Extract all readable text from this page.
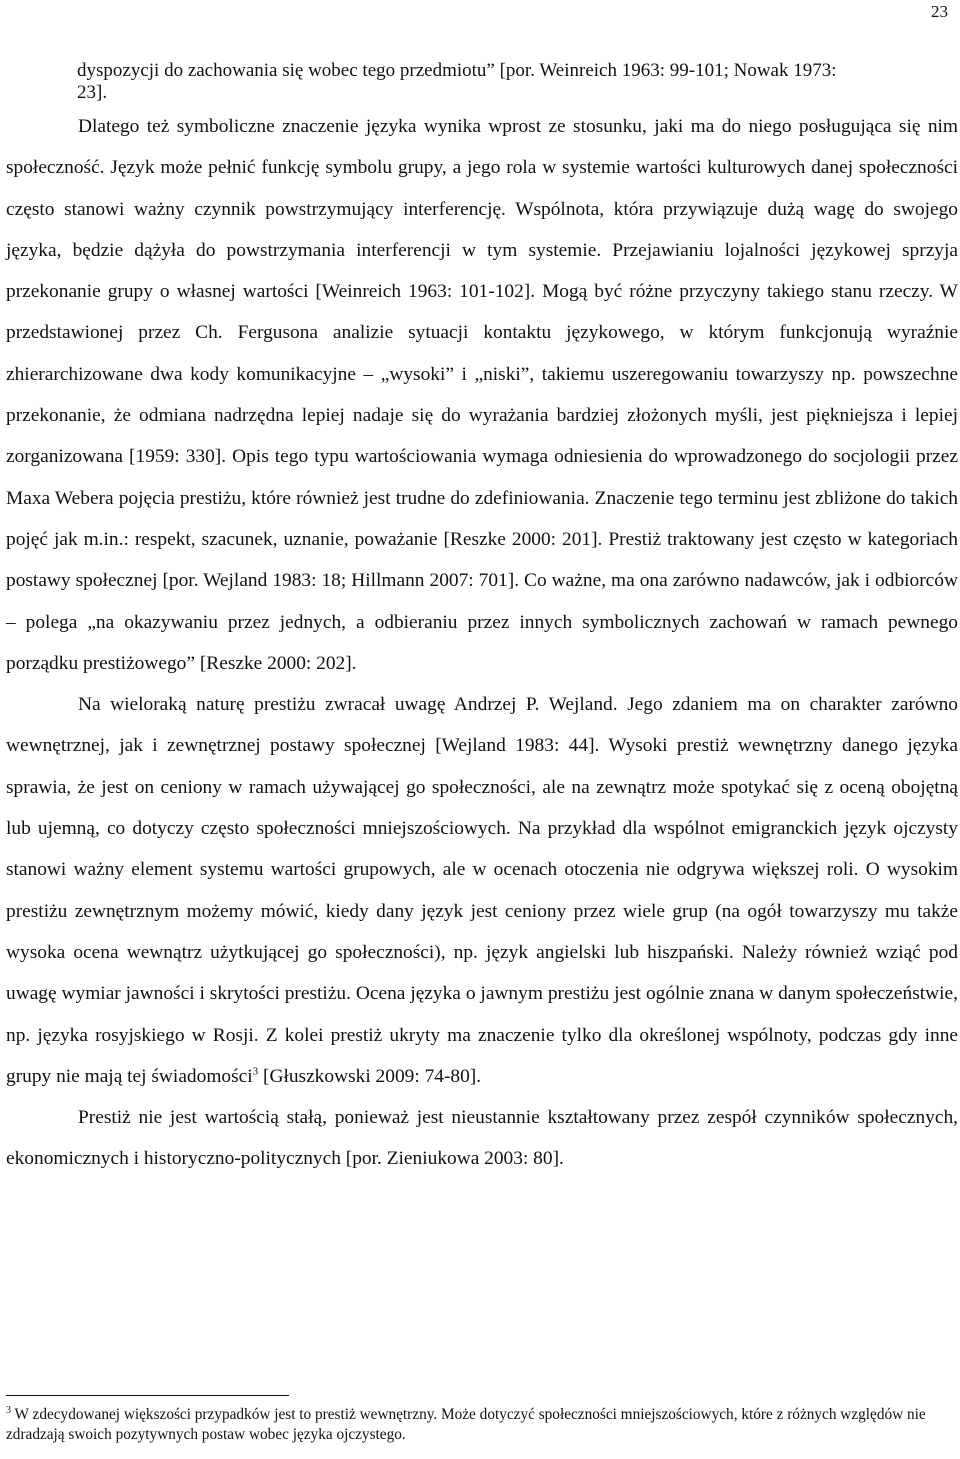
23

dyspozycji do zachowania się wobec tego przedmiotu” [por. Weinreich 1963: 99-101; Nowak 1973:
23].

Dlatego też symboliczne znaczenie języka wynika wprost ze stosunku, jaki ma do niego posługująca się nim społeczność. Język może pełnić funkcję symbolu grupy, a jego rola w systemie wartości kulturowych danej społeczności często stanowi ważny czynnik powstrzymujący interferencję. Wspólnota, która przywiązuje dużą wagę do swojego języka, będzie dążyła do powstrzymania interferencji w tym systemie. Przejawianiu lojalności językowej sprzyja przekonanie grupy o własnej wartości [Weinreich 1963: 101-102]. Mogą być różne przyczyny takiego stanu rzeczy. W przedstawionej przez Ch. Fergusona analizie sytuacji kontaktu językowego, w którym funkcjonują wyraźnie zhierarchizowane dwa kody komunikacyjne – „wysoki” i „niski”, takiemu uszeregowaniu towarzyszy np. powszechne przekonanie, że odmiana nadrzędna lepiej nadaje się do wyrażania bardziej złożonych myśli, jest piękniejsza i lepiej zorganizowana [1959: 330]. Opis tego typu wartościowania wymaga odniesienia do wprowadzonego do socjologii przez Maxa Webera pojęcia prestiżu, które również jest trudne do zdefiniowania. Znaczenie tego terminu jest zbliżone do takich pojęć jak m.in.: respekt, szacunek, uznanie, poważanie [Reszke 2000: 201]. Prestiż traktowany jest często w kategoriach postawy społecznej [por. Wejland 1983: 18; Hillmann 2007: 701]. Co ważne, ma ona zarówno nadawców, jak i odbiorców – polega „na okazywaniu przez jednych, a odbieraniu przez innych symbolicznych zachowań w ramach pewnego porządku prestiżowego” [Reszke 2000: 202].

Na wieloraką naturę prestiżu zwracał uwagę Andrzej P. Wejland. Jego zdaniem ma on charakter zarówno wewnętrznej, jak i zewnętrznej postawy społecznej [Wejland 1983: 44]. Wysoki prestiż wewnętrzny danego języka sprawia, że jest on ceniony w ramach używającej go społeczności, ale na zewnątrz może spotykać się z oceną obojętną lub ujemną, co dotyczy często społeczności mniejszościowych. Na przykład dla wspólnot emigranckich język ojczysty stanowi ważny element systemu wartości grupowych, ale w ocenach otoczenia nie odgrywa większej roli. O wysokim prestiżu zewnętrznym możemy mówić, kiedy dany język jest ceniony przez wiele grup (na ogół towarzyszy mu także wysoka ocena wewnątrz użytkującej go społeczności), np. język angielski lub hiszpański. Należy również wziąć pod uwagę wymiar jawności i skrytości prestiżu. Ocena języka o jawnym prestiżu jest ogólnie znana w danym społeczeństwie, np. języka rosyjskiego w Rosji. Z kolei prestiż ukryty ma znaczenie tylko dla określonej wspólnoty, podczas gdy inne grupy nie mają tej świadomości$^3$ [Głuszkowski 2009: 74-80].

Prestiż nie jest wartością stałą, ponieważ jest nieustannie kształtowany przez zespół czynników społecznych, ekonomicznych i historyczno-politycznych [por. Zieniukowa 2003: 80].

$^3$ W zdecydowanej większości przypadków jest to prestiż wewnętrzny. Może dotyczyć społeczności mniejszościowych, które z różnych względów nie zdradzają swoich pozytywnych postaw wobec języka ojczystego.
